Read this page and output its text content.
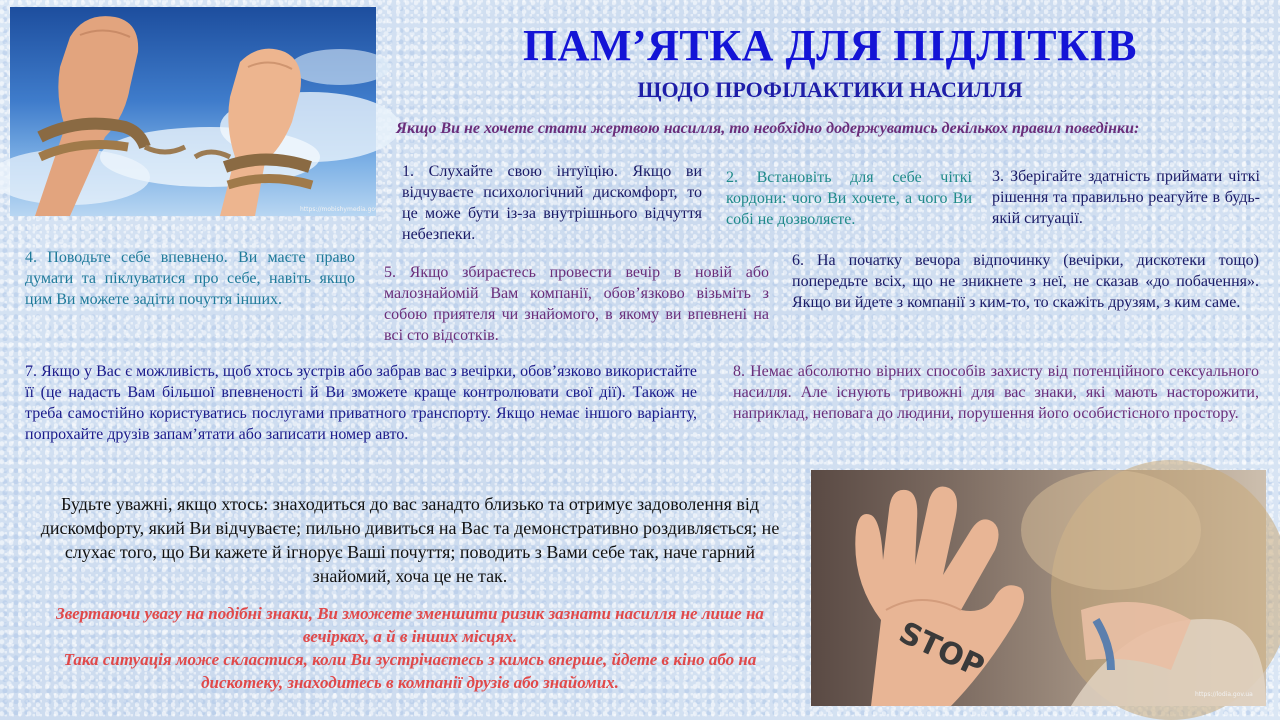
https://mobishymedia.gov.ua
ПАМ’ЯТКА ДЛЯ ПІДЛІТКІВ
ЩОДО ПРОФІЛАКТИКИ НАСИЛЛЯ
Якщо Ви не хочете стати жертвою насилля, то необхідно додержуватись декількох правил поведінки:
1. Слухайте свою інтуїцію. Якщо ви відчуваєте психологічний дискомфорт, то це може бути із-за внутрішнього відчуття небезпеки.
2. Встановіть для себе чіткі кордони: чого Ви хочете, а чого Ви собі не дозволяєте.
3. Зберігайте здатність приймати чіткі рішення та правильно реагуйте в будь-якій ситуації.
4. Поводьте себе впевнено. Ви маєте право думати та піклуватися про себе, навіть якщо цим Ви можете задіти почуття інших.
5. Якщо збираєтесь провести вечір в новій або малознайомій Вам компанії, обов’язково візьміть з собою приятеля чи знайомого, в якому ви впевнені на всі сто відсотків.
6. На початку вечора відпочинку (вечірки, дискотеки тощо) попередьте всіх, що не зникнете з неї, не сказав «до побачення». Якщо ви йдете з компанії з ким-то, то скажіть друзям, з ким саме.
7. Якщо у Вас є можливість, щоб хтось зустрів або забрав вас з вечірки, обов’язково використайте її (це надасть Вам більшої впевненості й Ви зможете краще контролювати свої дії). Також не треба самостійно користуватись послугами приватного транспорту. Якщо немає іншого варіанту, попрохайте друзів запам’ятати або записати номер авто.
8. Немає абсолютно вірних способів захисту від потенційного сексуального насилля. Але існують тривожні для вас знаки, які мають насторожити, наприклад, неповага до людини, порушення його особистісного простору.
Будьте уважні, якщо хтось: знаходиться до вас занадто близько та отримує задоволення від дискомфорту, який Ви відчуваєте; пильно дивиться на Вас та демонстративно роздивляється; не слухає того, що Ви кажете й ігнорує Ваші почуття; поводить з Вами себе так, наче гарний знайомий, хоча це не так.

Звертаючи увагу на подібні знаки, Ви зможете зменшити ризик зазнати насилля не лише на вечірках, а й в інших місцях.

Така ситуація може скластися, коли Ви зустрічаєтесь з кимсь вперше, йдете в кіно або на дискотеку, знаходитесь в компанії друзів або знайомих.	STOP
https://lodia.gov.ua
